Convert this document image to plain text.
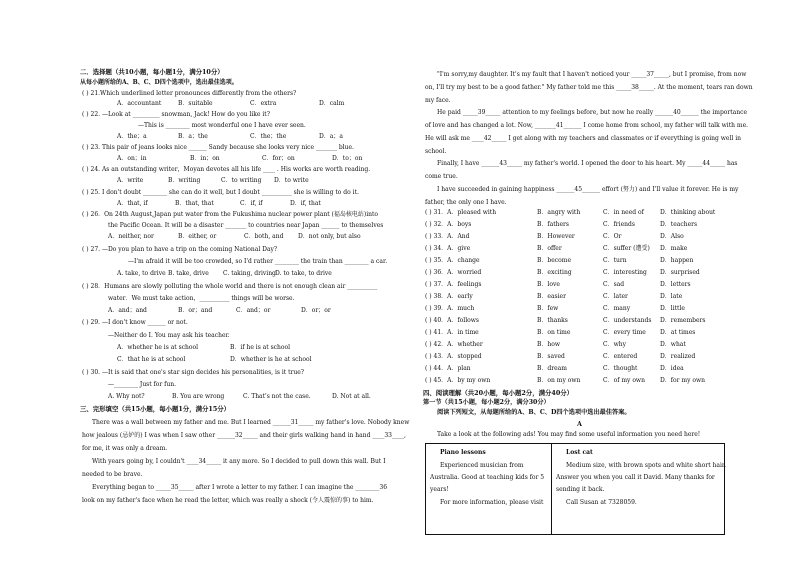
二．选择题（共10小题，每小题1分，满分10分）
从每小题所给的A、B、C、D四个选项中，选出最佳选项。
( ) 21.Which underlined letter pronounces differently from the others?
A．accountant	B．suitable	C．extra	D．calm
( ) 22. —Look at _________ snowman, Jack! How do you like it?
—This is ________ most wonderful one I have ever seen.
A．the；a	B．a；the	C．the；the	D．a；a
( ) 23. This pair of jeans looks nice ______ Sandy because she looks very nice _______ blue.
A．on；in	B．in；on	C．for；on	D．to；on
( ) 24. As an outstanding writer，Moyan devotes all his life ____ . His works are worth reading.
A．write	B．writing	C．to writing D．to write
( ) 25. I don't doubt ________ she can do it well, but I doubt __________ she is willing to do it.
A．that, if	B．that, that	C．if, if	D．if, that
( ) 26．On 24th August,Japan put water from the Fukushima nuclear power plant (福岛核电站)into
the Pacific Ocean. It will be a disaster _______ to countries near Japan ______ to themselves
A．neither, nor	B．either, or	C．both, and D．not only, but also
( ) 27. —Do you plan to have a trip on the coming National Day?
—I'm afraid it will be too crowded, so I'd rather ________ the train than ________ a car.
A. take, to drive B. take, drive C. taking, driving D. to take, to drive
( ) 28．Humans are slowly polluting the whole world and there is not enough clean air __________
water．We must take action，__________ things will be worse.
A．and；and	B．or；and	C．and；or	D．or；or
( ) 29. —I don't know ______ or not.
—Neither do I. You may ask his teacher.
A．whether he is at school	B．if he is at school
C．that he is at school	D．whether is he at school
( ) 30. —It is said that one's star sign decides his personalities, is it true?
—________ Just for fun.
A. Why not?	B. You are wrong	C. That's not the case.	D. Not at all.
三、完形填空（共15小题，每小题1分，满分15分）
There was a wall between my father and me. But I learned ______31_____ my father's love. Nobody knew
how jealous (忌妒的) I was when I saw other ______32_____ and their girls walking hand in hand ____33____,
for me, it was only a dream.
With years going by, I couldn't ____34_____ it any more. So I decided to pull down this wall. But I
needed to be brave.
Everything began to _____35_____ after I wrote a letter to my father. I can imagine the ________36
look on my father's face when he read the letter, which was really a shock (令人震惊的事) to him.
"I'm sorry,my daughter. It's my fault that I haven't noticed your _____37_____, but I promise, from now
on, I'll try my best to be a good father." My father told me this _____38_____. At the moment, tears ran down
my face.
He paid _____39_____ attention to my feelings before, but now he really ______40______ the importance
of love and has changed a lot. Now, _______41______ I come home from school, my father will talk with me.
He will ask me ____42_____ I get along with my teachers and classmates or if everything is going well in
school.
Finally, I have ______43_____ my father's world. I opened the door to his heart. My _____44_____ has
come true.
I have succeeded in gaining happiness ______45______ effort (努力) and I'll value it forever. He is my
father, the only one I have.
( ) 31．A．pleased with	B．angry with	C．in need of	D．thinking about
( ) 32．A．boys	B．fathers	C．friends	D．teachers
( ) 33．A．And	B．However	C．Or	D．Also
( ) 34．A．give	B．offer	C．suffer (遭受) D．make
( ) 35．A．change	B．become	C．turn	D．happen
( ) 36．A．worried	B．exciting	C．interesting D．surprised
( ) 37．A．feelings	B．love	C．sad	D．letters
( ) 38．A．early	B．easier	C．later	D．late
( ) 39．A．much	B．few	C．many	D．little
( ) 40．A．follows	B．thanks	C．understands D．remembers
( ) 41．A．in time	B．on time	C．every time D．at times
( ) 42．A．whether	B．how	C．why	D．what
( ) 43．A．stopped	B．saved	C．entered	D．realized
( ) 44．A．plan	B．dream	C．thought	D．idea
( ) 45．A．by my own	B．on my own	C．of my own	D．for my own
四、阅读理解（共20小题，每小题2分，满分40分）
第一节（共15小题，每小题2分，满分30分）
阅读下列短文，从每题所给的A、B、C、D四个选项中选出最佳答案。
A
Take a look at the following ads! You may find some useful information you need here!
Piano lessons
Experienced musician from
Australia. Good at teaching kids for 5
years!
For more information, please visit
Lost cat
Medium size, with brown spots and white short hair.
Answer you when you call it David. Many thanks for
sending it back.
Call Susan at 7328059.
